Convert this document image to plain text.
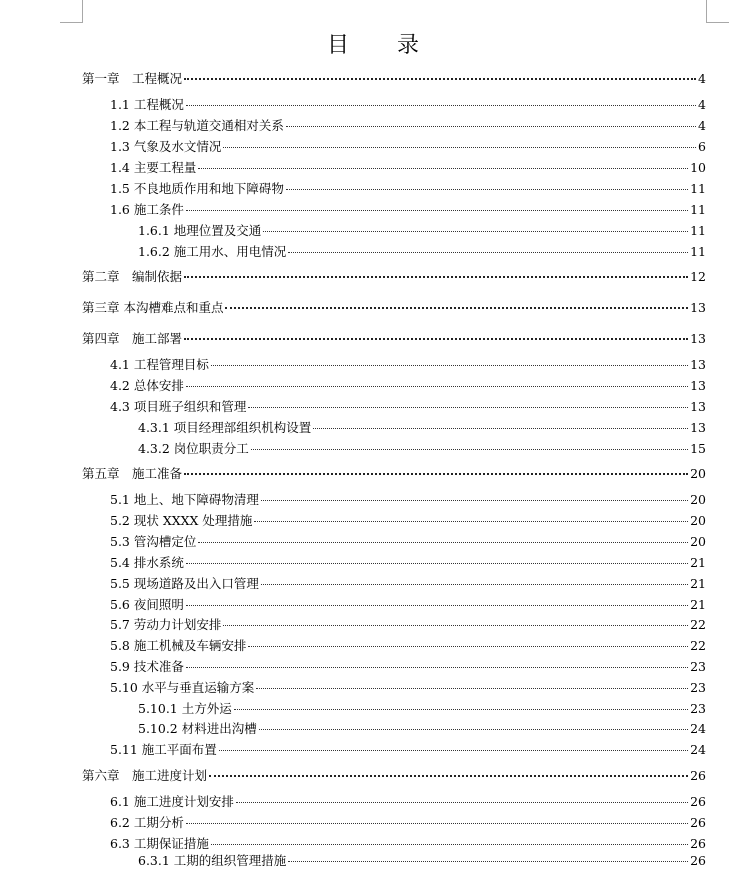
目 录
第一章　工程概况	4
1.1 工程概况	4
1.2 本工程与轨道交通相对关系	4
1.3 气象及水文情况	6
1.4 主要工程量	10
1.5 不良地质作用和地下障碍物	11
1.6 施工条件	11
1.6.1 地理位置及交通	11
1.6.2 施工用水、用电情况	11
第二章　编制依据	12
第三章 本沟槽难点和重点	13
第四章　施工部署	13
4.1 工程管理目标	13
4.2 总体安排	13
4.3 项目班子组织和管理	13
4.3.1 项目经理部组织机构设置	13
4.3.2 岗位职责分工	15
第五章　施工准备	20
5.1 地上、地下障碍物清理	20
5.2 现状 XXXX 处理措施	20
5.3 管沟槽定位	20
5.4 排水系统	21
5.5 现场道路及出入口管理	21
5.6 夜间照明	21
5.7 劳动力计划安排	22
5.8 施工机械及车辆安排	22
5.9 技术准备	23
5.10 水平与垂直运输方案	23
5.10.1 土方外运	23
5.10.2 材料进出沟槽	24
5.11 施工平面布置	24
第六章　施工进度计划	26
6.1 施工进度计划安排	26
6.2 工期分析	26
6.3 工期保证措施	26
6.3.1 工期的组织管理措施	26
